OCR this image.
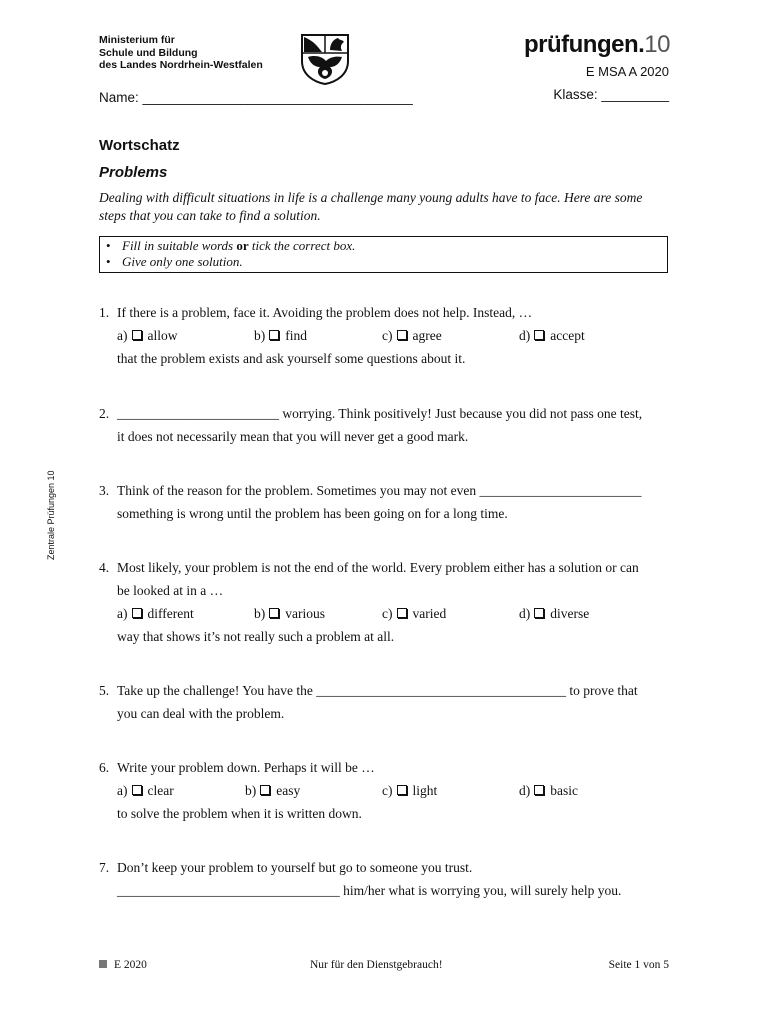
Ministerium für
Schule und Bildung
des Landes Nordrhein-Westfalen
prüfungen.10
E MSA A 2020
Name: ____________________________________	Klasse: _________
Zentrale Prüfungen 10
Wortschatz
Problems
Dealing with difficult situations in life is a challenge many young adults have to face. Here are some steps that you can take to find a solution.
• Fill in suitable words or tick the correct box.
• Give only one solution.
1. If there is a problem, face it. Avoiding the problem does not help. Instead, …
a) allow	b) find	c) agree	d) accept
that the problem exists and ask yourself some questions about it.
2. ________________________ worrying. Think positively! Just because you did not pass one test,
it does not necessarily mean that you will never get a good mark.
3. Think of the reason for the problem. Sometimes you may not even ________________________
something is wrong until the problem has been going on for a long time.
4. Most likely, your problem is not the end of the world. Every problem either has a solution or can
be looked at in a …
a) different	b) various	c) varied	d) diverse
way that shows it’s not really such a problem at all.
5. Take up the challenge! You have the _____________________________________ to prove that
you can deal with the problem.
6. Write your problem down. Perhaps it will be …
a) clear	b) easy	c) light	d) basic
to solve the problem when it is written down.
7. Don’t keep your problem to yourself but go to someone you trust.
_________________________________ him/her what is worrying you, will surely help you.
E 2020	Nur für den Dienstgebrauch!	Seite 1 von 5
